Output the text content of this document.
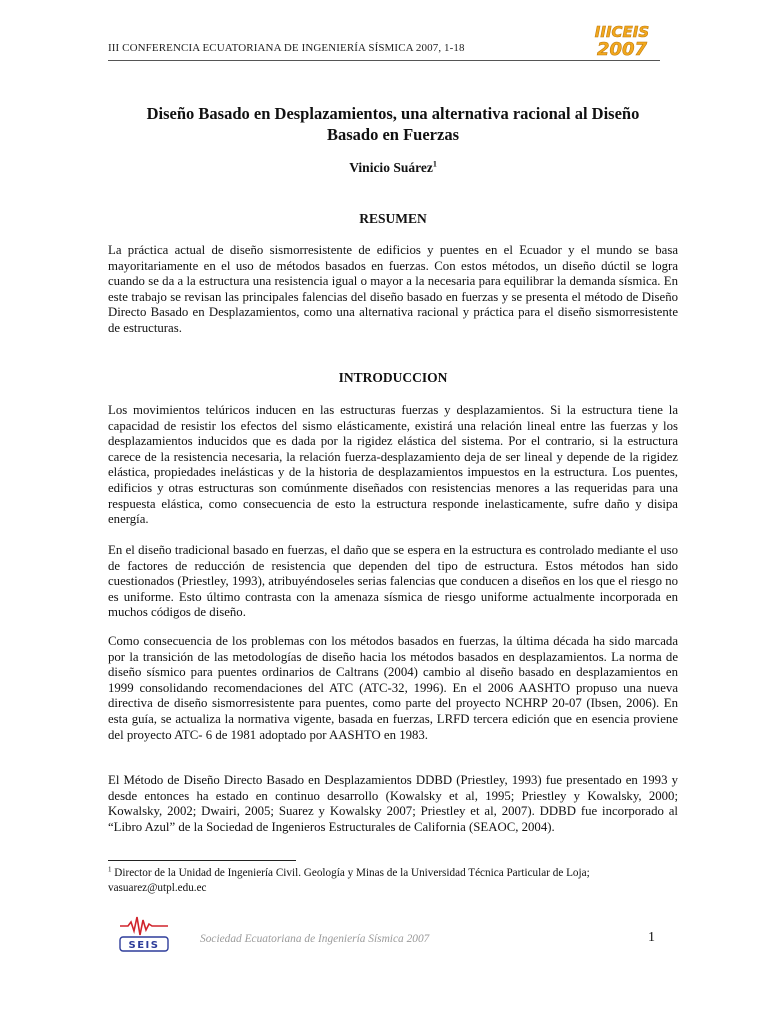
III CONFERENCIA ECUATORIANA DE INGENIERÍA SÍSMICA 2007, 1-18
IIICEIS
2007
Diseño Basado en Desplazamientos, una alternativa racional al Diseño
Basado en Fuerzas
Vinicio Suárez$^1$
RESUMEN

La práctica actual de diseño sismorresistente de edificios y puentes en el Ecuador y el mundo se basa mayoritariamente en el uso de métodos basados en fuerzas. Con estos métodos, un diseño dúctil se logra cuando se da a la estructura una resistencia igual o mayor a la necesaria para equilibrar la demanda sísmica. En este trabajo se revisan las principales falencias del diseño basado en fuerzas y se presenta el método de Diseño Directo Basado en Desplazamientos, como una alternativa racional y práctica para el diseño sismorresistente de estructuras.

INTRODUCCION

Los movimientos telúricos inducen en las estructuras fuerzas y desplazamientos. Si la estructura tiene la capacidad de resistir los efectos del sismo elásticamente, existirá una relación lineal entre las fuerzas y los desplazamientos inducidos que es dada por la rigidez elástica del sistema. Por el contrario, si la estructura carece de la resistencia necesaria, la relación fuerza-desplazamiento deja de ser lineal y depende de la rigidez elástica, propiedades inelásticas y de la historia de desplazamientos impuestos en la estructura. Los puentes, edificios y otras estructuras son comúnmente diseñados con resistencias menores a las requeridas para una respuesta elástica, como consecuencia de esto la estructura responde inelasticamente, sufre daño y disipa energía.

En el diseño tradicional basado en fuerzas, el daño que se espera en la estructura es controlado mediante el uso de factores de reducción de resistencia que dependen del tipo de estructura. Estos métodos han sido cuestionados (Priestley, 1993), atribuyéndoseles serias falencias que conducen a diseños en los que el riesgo no es uniforme. Esto último contrasta con la amenaza sísmica de riesgo uniforme actualmente incorporada en muchos códigos de diseño.

Como consecuencia de los problemas con los métodos basados en fuerzas, la última década ha sido marcada por la transición de las metodologías de diseño hacia los métodos basados en desplazamientos. La norma de diseño sísmico para puentes ordinarios de Caltrans (2004) cambio al diseño basado en desplazamientos en 1999 consolidando recomendaciones del ATC (ATC-32, 1996). En el 2006 AASHTO propuso una nueva directiva de diseño sismorresistente para puentes, como parte del proyecto NCHRP 20-07 (Ibsen, 2006). En esta guía, se actualiza la normativa vigente, basada en fuerzas, LRFD tercera edición que en esencia proviene del proyecto ATC- 6 de 1981 adoptado por AASHTO en 1983.

El Método de Diseño Directo Basado en Desplazamientos DDBD (Priestley, 1993) fue presentado en 1993 y desde entonces ha estado en continuo desarrollo (Kowalsky et al, 1995; Priestley y Kowalsky, 2000; Kowalsky, 2002; Dwairi, 2005; Suarez y Kowalsky 2007; Priestley et al, 2007). DDBD fue incorporado al “Libro Azul” de la Sociedad de Ingenieros Estructurales de California (SEAOC, 2004).

$^1$ Director de la Unidad de Ingeniería Civil. Geología y Minas de la Universidad Técnica Particular de Loja; vasuarez@utpl.edu.ec

SEIS
Sociedad Ecuatoriana de Ingeniería Sísmica 2007	1
